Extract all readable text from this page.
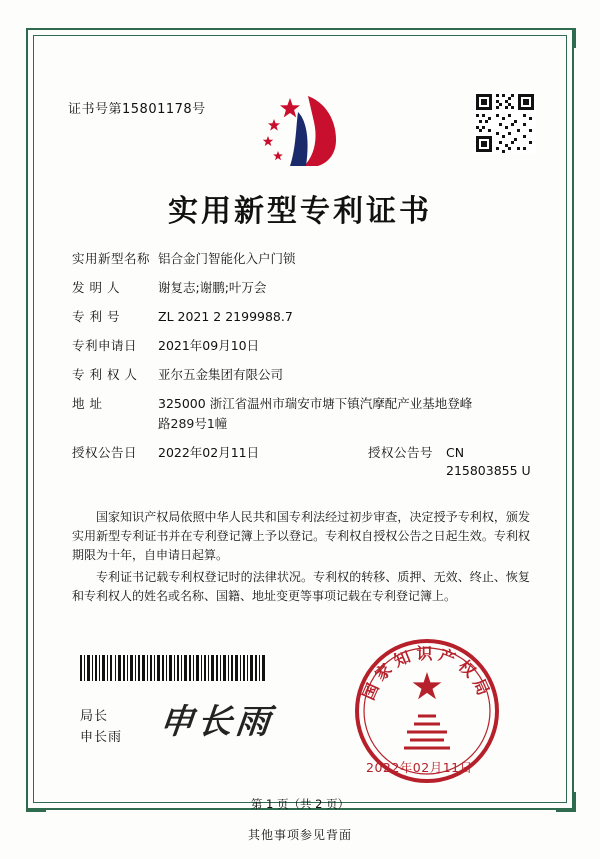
证书号第15801178号
实用新型专利证书
实用新型名称 铝合金门智能化入户门锁
发 明 人	谢复志;谢鹏;叶万会
专 利 号	ZL 2021 2 2199988.7
专利申请日	2021年09月10日
专 利 权 人	亚尔五金集团有限公司
地 址	325000 浙江省温州市瑞安市塘下镇汽摩配产业基地登峰
路289号1幢
授权公告日	2022年02月11日	授权公告号	CN 215803855 U

国家知识产权局依照中华人民共和国专利法经过初步审查，决定授予专利权，颁发实用新型专利证书并在专利登记簿上予以登记。专利权自授权公告之日起生效。专利权期限为十年，自申请日起算。

专利证书记载专利权登记时的法律状况。专利权的转移、质押、无效、终止、恢复和专利权人的姓名或名称、国籍、地址变更等事项记载在专利登记簿上。

局长
申长雨 申长雨
国家知识产权局
2022年02月11日
第 1 页（共 2 页）
其他事项参见背面
